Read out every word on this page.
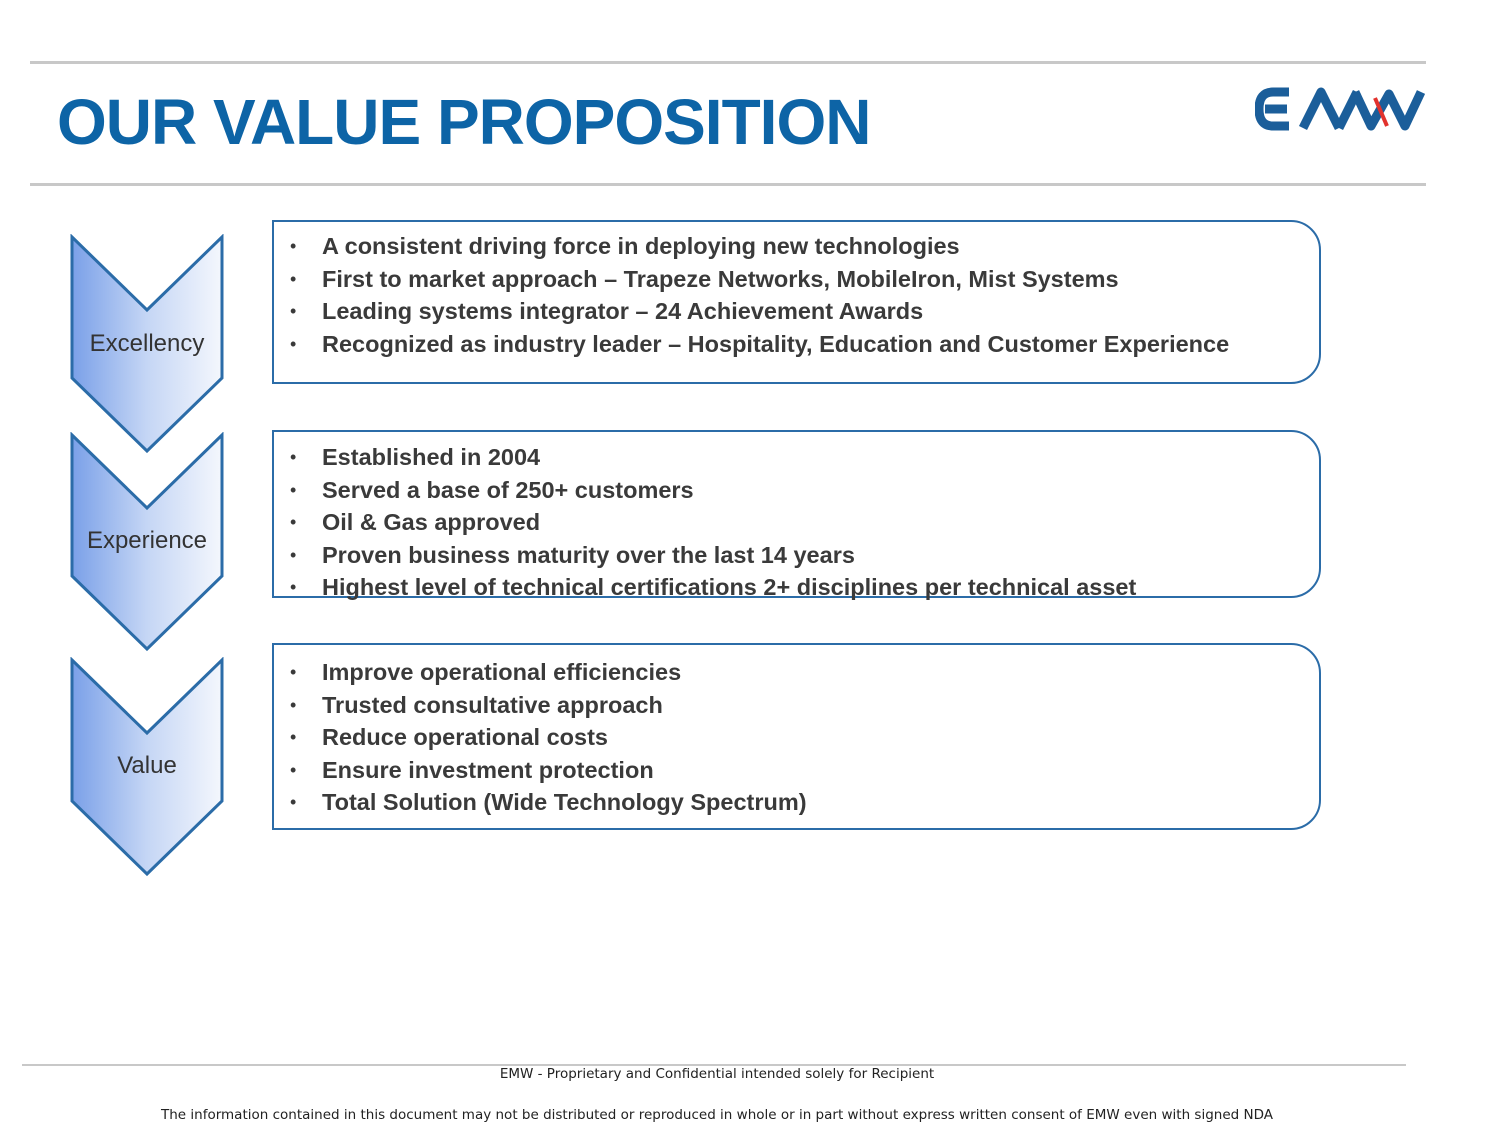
OUR VALUE PROPOSITION
Excellency
•	A consistent driving force in deploying new technologies
•	First to market approach – Trapeze Networks, MobileIron, Mist Systems
•	Leading systems integrator – 24 Achievement Awards
•	Recognized as industry leader – Hospitality, Education and Customer Experience
Experience
•	Established in 2004
•	Served a base of 250+ customers
•	Oil & Gas approved
•	Proven business maturity over the last 14 years
•	Highest level of technical certifications 2+ disciplines per technical asset
Value
•	Improve operational efficiencies
•	Trusted consultative approach
•	Reduce operational costs
•	Ensure investment protection
•	Total Solution (Wide Technology Spectrum)
EMW - Proprietary and Confidential intended solely for Recipient
The information contained in this document may not be distributed or reproduced in whole or in part without express written consent of EMW even with signed NDA
